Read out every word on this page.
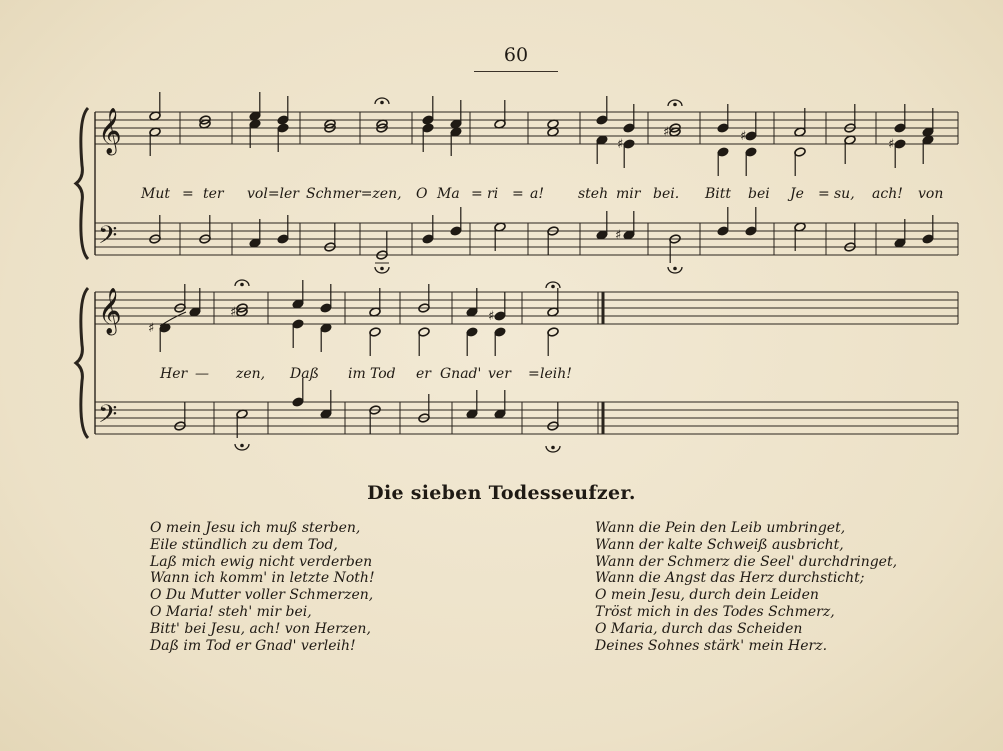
60
𝄞
𝄢
♯
♯	♯
♯
♯
𝄞
𝄢
♯
♯	♯
Mut = ter vol=ler Schmer=zen, O Ma = ri = a! steh mir bei. Bitt bei Je = su, ach! von
Her — zen, Daß im Tod er Gnad' ver = leih!
Die sieben Todesseufzer.
O mein Jesu ich muß sterben,
Eile stündlich zu dem Tod,
Laß mich ewig nicht verderben
Wann ich komm' in letzte Noth!
O Du Mutter voller Schmerzen,
O Maria! steh' mir bei,
Bitt' bei Jesu, ach! von Herzen,
Daß im Tod er Gnad' verleih!
Wann die Pein den Leib umbringet,
Wann der kalte Schweiß ausbricht,
Wann der Schmerz die Seel' durchdringet,
Wann die Angst das Herz durchsticht;
O mein Jesu, durch dein Leiden
Tröst mich in des Todes Schmerz,
O Maria, durch das Scheiden
Deines Sohnes stärk' mein Herz.
